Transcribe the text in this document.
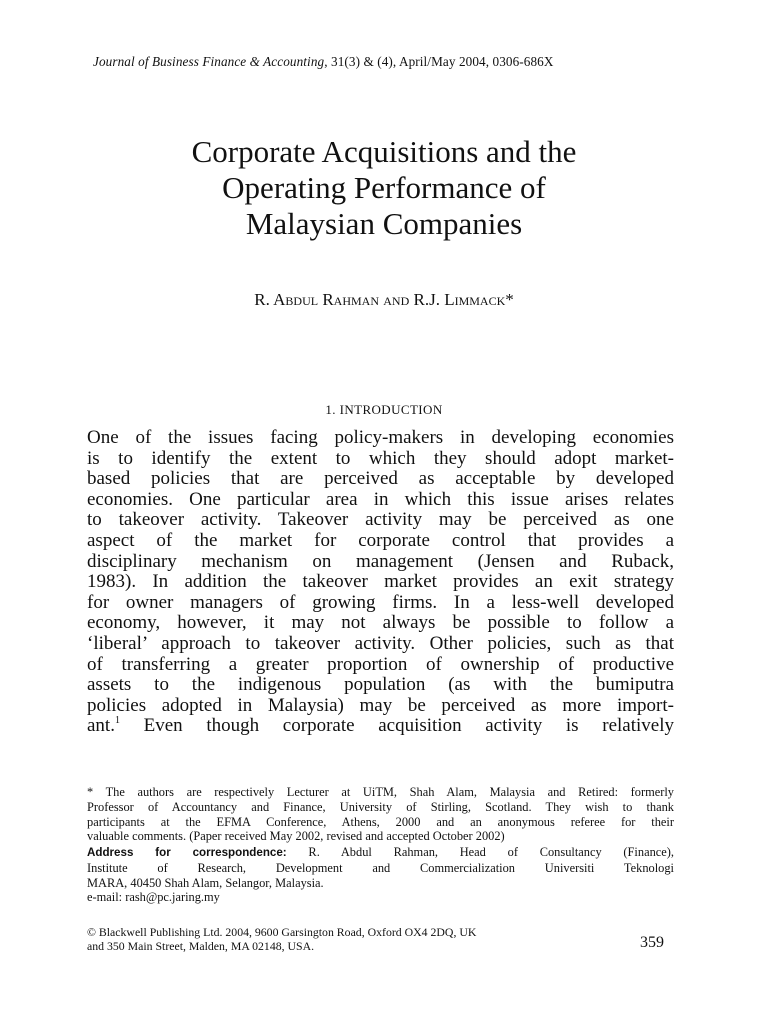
Journal of Business Finance & Accounting, 31(3) & (4), April/May 2004, 0306-686X
Corporate Acquisitions and the
Operating Performance of
Malaysian Companies
R. Abdul Rahman and R.J. Limmack*
1. INTRODUCTION
One of the issues facing policy-makers in developing economies
is to identify the extent to which they should adopt market-
based policies that are perceived as acceptable by developed
economies. One particular area in which this issue arises relates
to takeover activity. Takeover activity may be perceived as one
aspect of the market for corporate control that provides a
disciplinary mechanism on management (Jensen and Ruback,
1983). In addition the takeover market provides an exit strategy
for owner managers of growing firms. In a less-well developed
economy, however, it may not always be possible to follow a
‘liberal’ approach to takeover activity. Other policies, such as that
of transferring a greater proportion of ownership of productive
assets to the indigenous population (as with the bumiputra
policies adopted in Malaysia) may be perceived as more import-
ant.$^1$ Even though corporate acquisition activity is relatively
* The authors are respectively Lecturer at UiTM, Shah Alam, Malaysia and Retired: formerly
Professor of Accountancy and Finance, University of Stirling, Scotland. They wish to thank
participants at the EFMA Conference, Athens, 2000 and an anonymous referee for their
valuable comments. (Paper received May 2002, revised and accepted October 2002)
Address for correspondence: R. Abdul Rahman, Head of Consultancy (Finance),
Institute of Research, Development and Commercialization Universiti Teknologi
MARA, 40450 Shah Alam, Selangor, Malaysia.
e-mail: rash@pc.jaring.my
© Blackwell Publishing Ltd. 2004, 9600 Garsington Road, Oxford OX4 2DQ, UK
and 350 Main Street, Malden, MA 02148, USA.	359
